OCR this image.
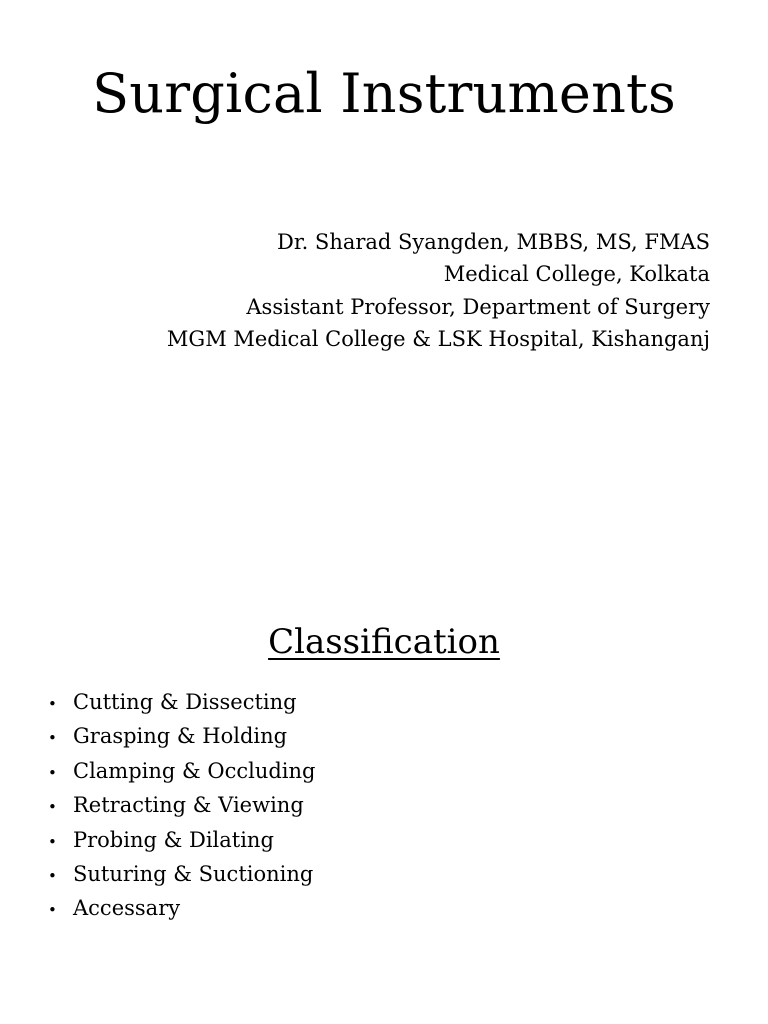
Surgical Instruments
Dr. Sharad Syangden, MBBS, MS, FMAS
Medical College, Kolkata
Assistant Professor, Department of Surgery
MGM Medical College & LSK Hospital, Kishanganj
Classification
• Cutting & Dissecting
• Grasping & Holding
• Clamping & Occluding
• Retracting & Viewing
• Probing & Dilating
• Suturing & Suctioning
• Accessary
